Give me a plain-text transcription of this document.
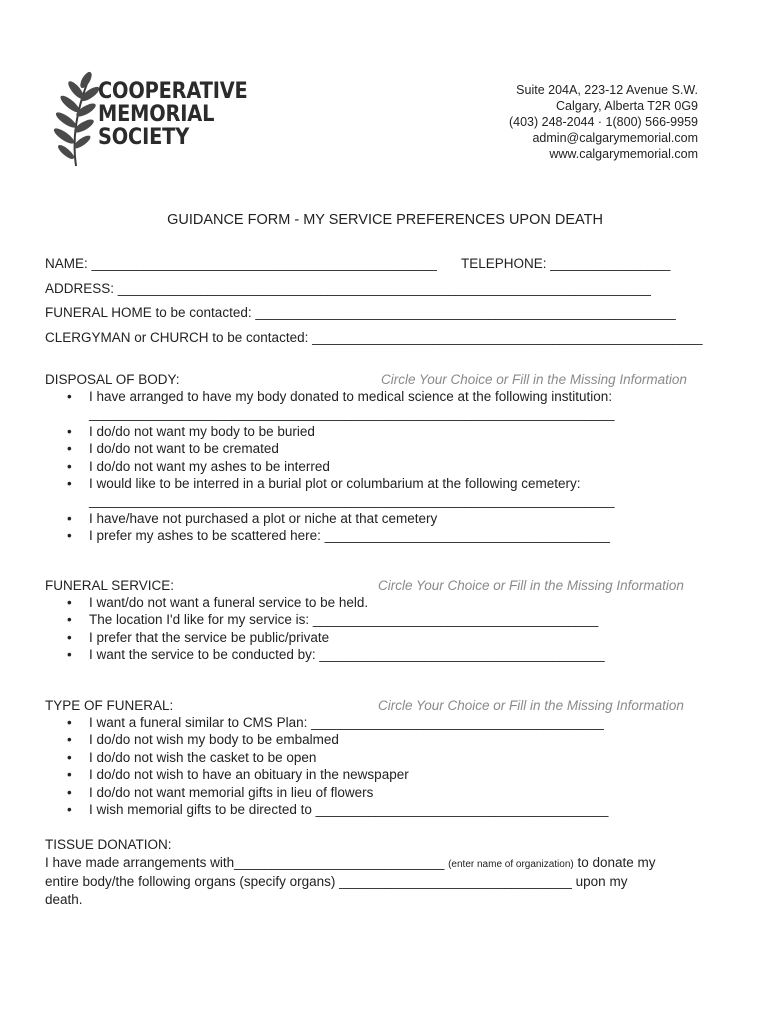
COOPERATIVE
MEMORIAL
SOCIETY
Suite 204A, 223-12 Avenue S.W.
Calgary, Alberta T2R 0G9
(403) 248-2044 · 1(800) 566-9959
admin@calgarymemorial.com
www.calgarymemorial.com
GUIDANCE FORM - MY SERVICE PREFERENCES UPON DEATH
NAME: ______________________________________________ TELEPHONE: ________________
ADDRESS: _______________________________________________________________________
FUNERAL HOME to be contacted: ________________________________________________________
CLERGYMAN or CHURCH to be contacted: ____________________________________________________
DISPOSAL OF BODY:	Circle Your Choice or Fill in the Missing Information
• I have arranged to have my body donated to medical science at the following institution:
______________________________________________________________________
• I do/do not want my body to be buried
• I do/do not want to be cremated
• I do/do not want my ashes to be interred
• I would like to be interred in a burial plot or columbarium at the following cemetery:
______________________________________________________________________
• I have/have not purchased a plot or niche at that cemetery
• I prefer my ashes to be scattered here: ______________________________________
FUNERAL SERVICE:	Circle Your Choice or Fill in the Missing Information
• I want/do not want a funeral service to be held.
• The location I'd like for my service is: ______________________________________
• I prefer that the service be public/private
• I want the service to be conducted by: ______________________________________
TYPE OF FUNERAL:	Circle Your Choice or Fill in the Missing Information
• I want a funeral similar to CMS Plan: _______________________________________
• I do/do not wish my body to be embalmed
• I do/do not wish the casket to be open
• I do/do not wish to have an obituary in the newspaper
• I do/do not want memorial gifts in lieu of flowers
• I wish memorial gifts to be directed to _______________________________________
TISSUE DONATION:
I have made arrangements with____________________________ (enter name of organization) to donate my
entire body/the following organs (specify organs) _______________________________ upon my
death.
